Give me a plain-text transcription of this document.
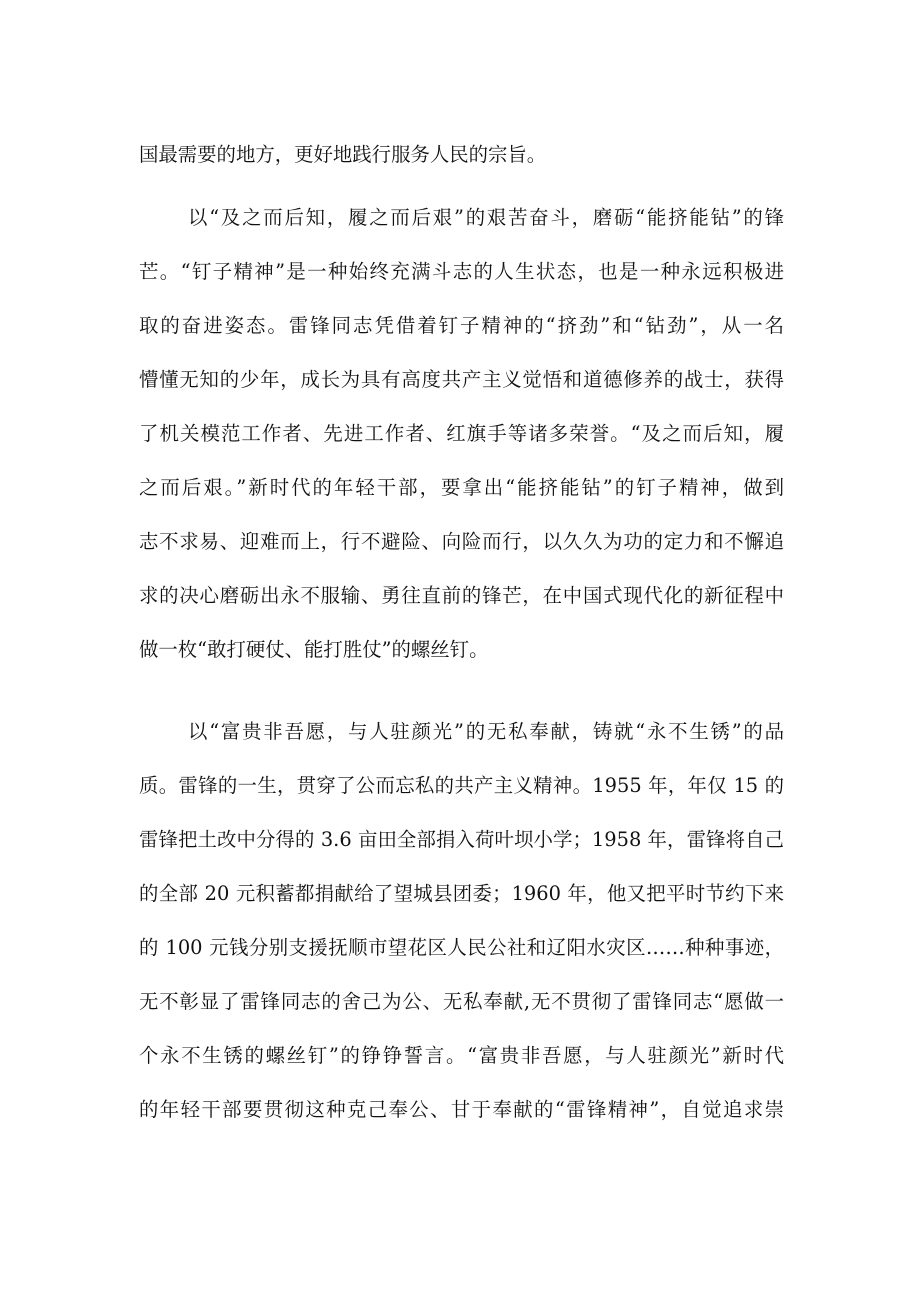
国最需要的地方，更好地践行服务人民的宗旨。
以“及之而后知，履之而后艰”的艰苦奋斗，磨砺“能挤能钻”的锋
芒。“钉子精神”是一种始终充满斗志的人生状态，也是一种永远积极进
取的奋进姿态。雷锋同志凭借着钉子精神的“挤劲”和“钻劲”，从一名
懵懂无知的少年，成长为具有高度共产主义觉悟和道德修养的战士，获得
了机关模范工作者、先进工作者、红旗手等诸多荣誉。“及之而后知，履
之而后艰。”新时代的年轻干部，要拿出“能挤能钻”的钉子精神，做到
志不求易、迎难而上，行不避险、向险而行，以久久为功的定力和不懈追
求的决心磨砺出永不服输、勇往直前的锋芒，在中国式现代化的新征程中
做一枚“敢打硬仗、能打胜仗”的螺丝钉。
以“富贵非吾愿，与人驻颜光”的无私奉献，铸就“永不生锈”的品
质。雷锋的一生，贯穿了公而忘私的共产主义精神。1955 年，年仅 15 的
雷锋把土改中分得的 3.6 亩田全部捐入荷叶坝小学；1958 年，雷锋将自己
的全部 20 元积蓄都捐献给了望城县团委；1960 年，他又把平时节约下来
的 100 元钱分别支援抚顺市望花区人民公社和辽阳水灾区……种种事迹，
无不彰显了雷锋同志的舍己为公、无私奉献,无不贯彻了雷锋同志“愿做一
个永不生锈的螺丝钉”的铮铮誓言。“富贵非吾愿，与人驻颜光”新时代
的年轻干部要贯彻这种克己奉公、甘于奉献的“雷锋精神”，自觉追求崇
